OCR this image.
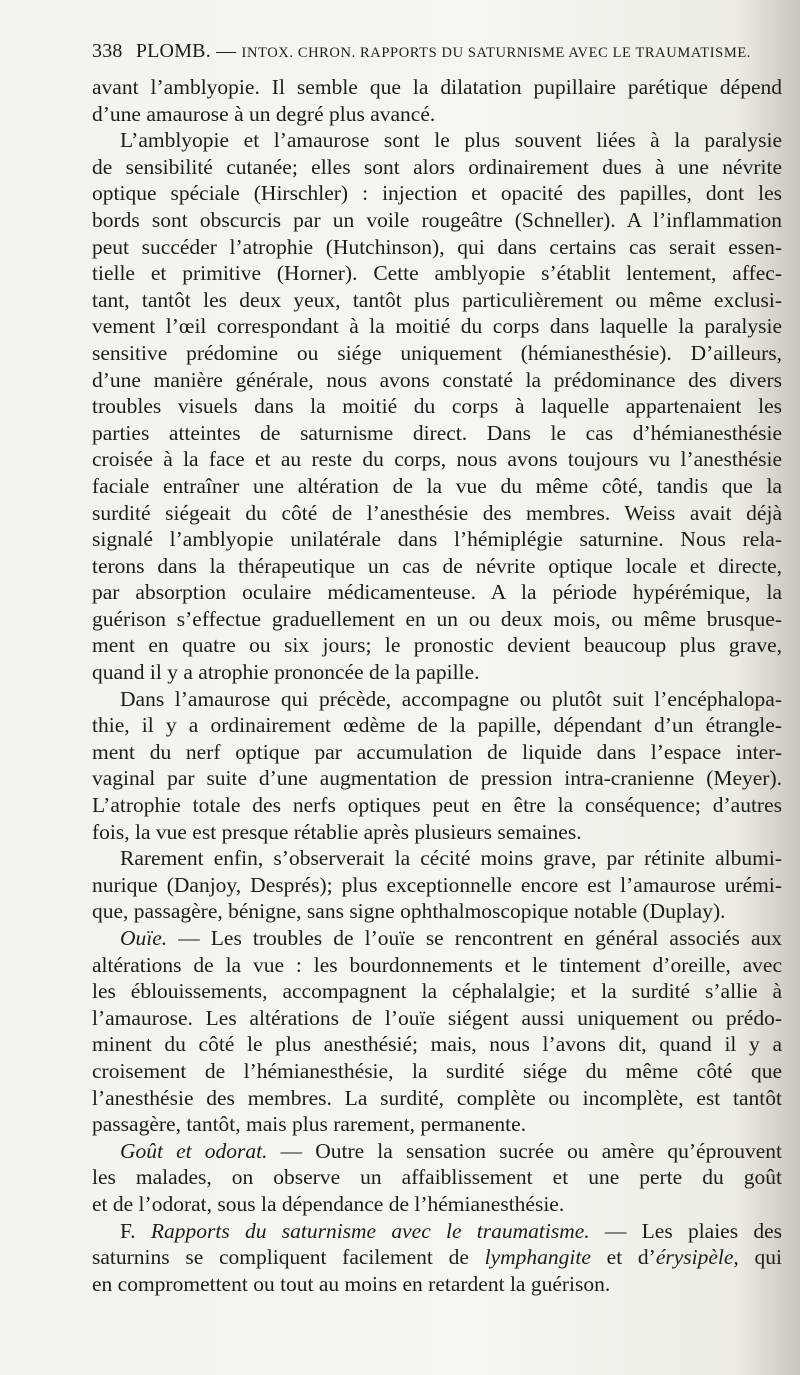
338 PLOMB. — INTOX. CHRON. RAPPORTS DU SATURNISME AVEC LE TRAUMATISME.
avant l’amblyopie. Il semble que la dilatation pupillaire parétique dépend
d’une amaurose à un degré plus avancé.
L’amblyopie et l’amaurose sont le plus souvent liées à la paralysie
de sensibilité cutanée; elles sont alors ordinairement dues à une névrite
optique spéciale (Hirschler) : injection et opacité des papilles, dont les
bords sont obscurcis par un voile rougeâtre (Schneller). A l’inflammation
peut succéder l’atrophie (Hutchinson), qui dans certains cas serait essen-
tielle et primitive (Horner). Cette amblyopie s’établit lentement, affec-
tant, tantôt les deux yeux, tantôt plus particulièrement ou même exclusi-
vement l’œil correspondant à la moitié du corps dans laquelle la paralysie
sensitive prédomine ou siége uniquement (hémianesthésie). D’ailleurs,
d’une manière générale, nous avons constaté la prédominance des divers
troubles visuels dans la moitié du corps à laquelle appartenaient les
parties atteintes de saturnisme direct. Dans le cas d’hémianesthésie
croisée à la face et au reste du corps, nous avons toujours vu l’anesthésie
faciale entraîner une altération de la vue du même côté, tandis que la
surdité siégeait du côté de l’anesthésie des membres. Weiss avait déjà
signalé l’amblyopie unilatérale dans l’hémiplégie saturnine. Nous rela-
terons dans la thérapeutique un cas de névrite optique locale et directe,
par absorption oculaire médicamenteuse. A la période hypérémique, la
guérison s’effectue graduellement en un ou deux mois, ou même brusque-
ment en quatre ou six jours; le pronostic devient beaucoup plus grave,
quand il y a atrophie prononcée de la papille.
Dans l’amaurose qui précède, accompagne ou plutôt suit l’encéphalopa-
thie, il y a ordinairement œdème de la papille, dépendant d’un étrangle-
ment du nerf optique par accumulation de liquide dans l’espace inter-
vaginal par suite d’une augmentation de pression intra-cranienne (Meyer).
L’atrophie totale des nerfs optiques peut en être la conséquence; d’autres
fois, la vue est presque rétablie après plusieurs semaines.
Rarement enfin, s’observerait la cécité moins grave, par rétinite albumi-
nurique (Danjoy, Després); plus exceptionnelle encore est l’amaurose urémi-
que, passagère, bénigne, sans signe ophthalmoscopique notable (Duplay).
Ouïe. — Les troubles de l’ouïe se rencontrent en général associés aux
altérations de la vue : les bourdonnements et le tintement d’oreille, avec
les éblouissements, accompagnent la céphalalgie; et la surdité s’allie à
l’amaurose. Les altérations de l’ouïe siégent aussi uniquement ou prédo-
minent du côté le plus anesthésié; mais, nous l’avons dit, quand il y a
croisement de l’hémianesthésie, la surdité siége du même côté que
l’anesthésie des membres. La surdité, complète ou incomplète, est tantôt
passagère, tantôt, mais plus rarement, permanente.
Goût et odorat. — Outre la sensation sucrée ou amère qu’éprouvent
les malades, on observe un affaiblissement et une perte du goût
et de l’odorat, sous la dépendance de l’hémianesthésie.
F. Rapports du saturnisme avec le traumatisme. — Les plaies des
saturnins se compliquent facilement de lymphangite et d’érysipèle, qui
en compromettent ou tout au moins en retardent la guérison.
